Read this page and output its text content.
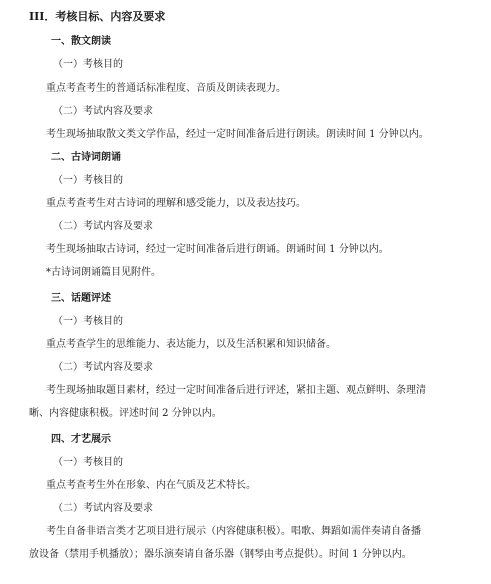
III．考核目标、内容及要求
一、散文朗读
（一）考核目的
重点考查考生的普通话标准程度、音质及朗读表现力。
（二）考试内容及要求
考生现场抽取散文类文学作品，经过一定时间准备后进行朗读。朗读时间 1 分钟以内。
二、古诗词朗诵
（一）考核目的
重点考查考生对古诗词的理解和感受能力，以及表达技巧。
（二）考试内容及要求
考生现场抽取古诗词，经过一定时间准备后进行朗诵。朗诵时间 1 分钟以内。
*古诗词朗诵篇目见附件。
三、话题评述
（一）考核目的
重点考查学生的思维能力、表达能力，以及生活积累和知识储备。
（二）考试内容及要求
考生现场抽取题目素材，经过一定时间准备后进行评述，紧扣主题、观点鲜明、条理清
晰、内容健康积极。评述时间 2 分钟以内。
四、才艺展示
（一）考核目的
重点考查考生外在形象、内在气质及艺术特长。
（二）考试内容及要求
考生自备非语言类才艺项目进行展示（内容健康积极）。唱歌、舞蹈如需伴奏请自备播
放设备（禁用手机播放）；器乐演奏请自备乐器（钢琴由考点提供）。时间 1 分钟以内。
